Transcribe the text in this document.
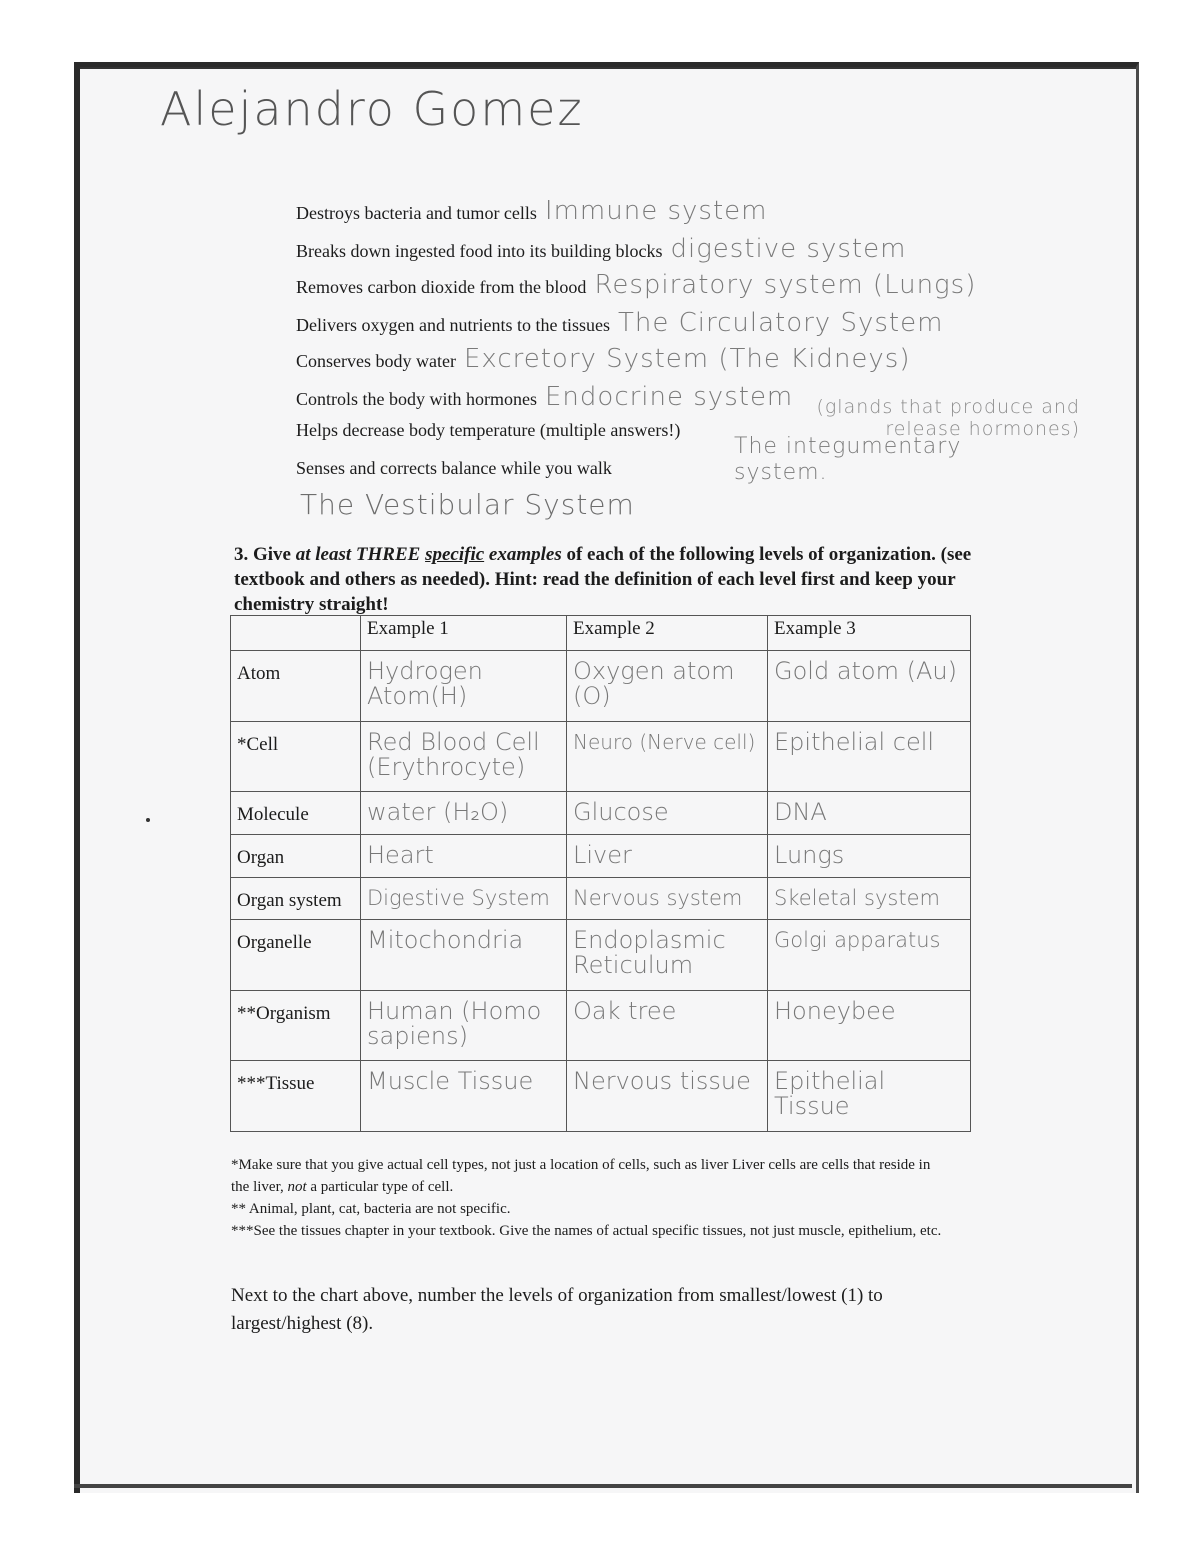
Alejandro Gomez
Destroys bacteria and tumor cells Immune system
Breaks down ingested food into its building blocks digestive system
Removes carbon dioxide from the blood Respiratory system (Lungs)
Delivers oxygen and nutrients to the tissues The Circulatory System
Conserves body water Excretory System (The Kidneys)
Controls the body with hormones Endocrine system	(glands that produce and release hormones)
Helps decrease body temperature (multiple answers!)
The integumentary system.
Senses and corrects balance while you walk
The Vestibular System
3. Give at least THREE specific examples of each of the following levels of organization. (see textbook and others as needed). Hint: read the definition of each level first and keep your chemistry straight!
	Example 1	Example 2	Example 3
Atom	Hydrogen Atom(H)	Oxygen atom (O)	Gold atom (Au)
*Cell	Red Blood Cell (Erythrocyte)	Neuro (Nerve cell)	Epithelial cell
Molecule	water (H₂O)	Glucose	DNA
Organ	Heart	Liver	Lungs
Organ system	Digestive System	Nervous system	Skeletal system
Organelle	Mitochondria	Endoplasmic Reticulum	Golgi apparatus
**Organism	Human (Homo sapiens)	Oak tree	Honeybee
***Tissue	Muscle Tissue	Nervous tissue	Epithelial Tissue
*Make sure that you give actual cell types, not just a location of cells, such as liver Liver cells are cells that reside in the liver, not a particular type of cell.
** Animal, plant, cat, bacteria are not specific.
***See the tissues chapter in your textbook. Give the names of actual specific tissues, not just muscle, epithelium, etc.
Next to the chart above, number the levels of organization from smallest/lowest (1) to largest/highest (8).
